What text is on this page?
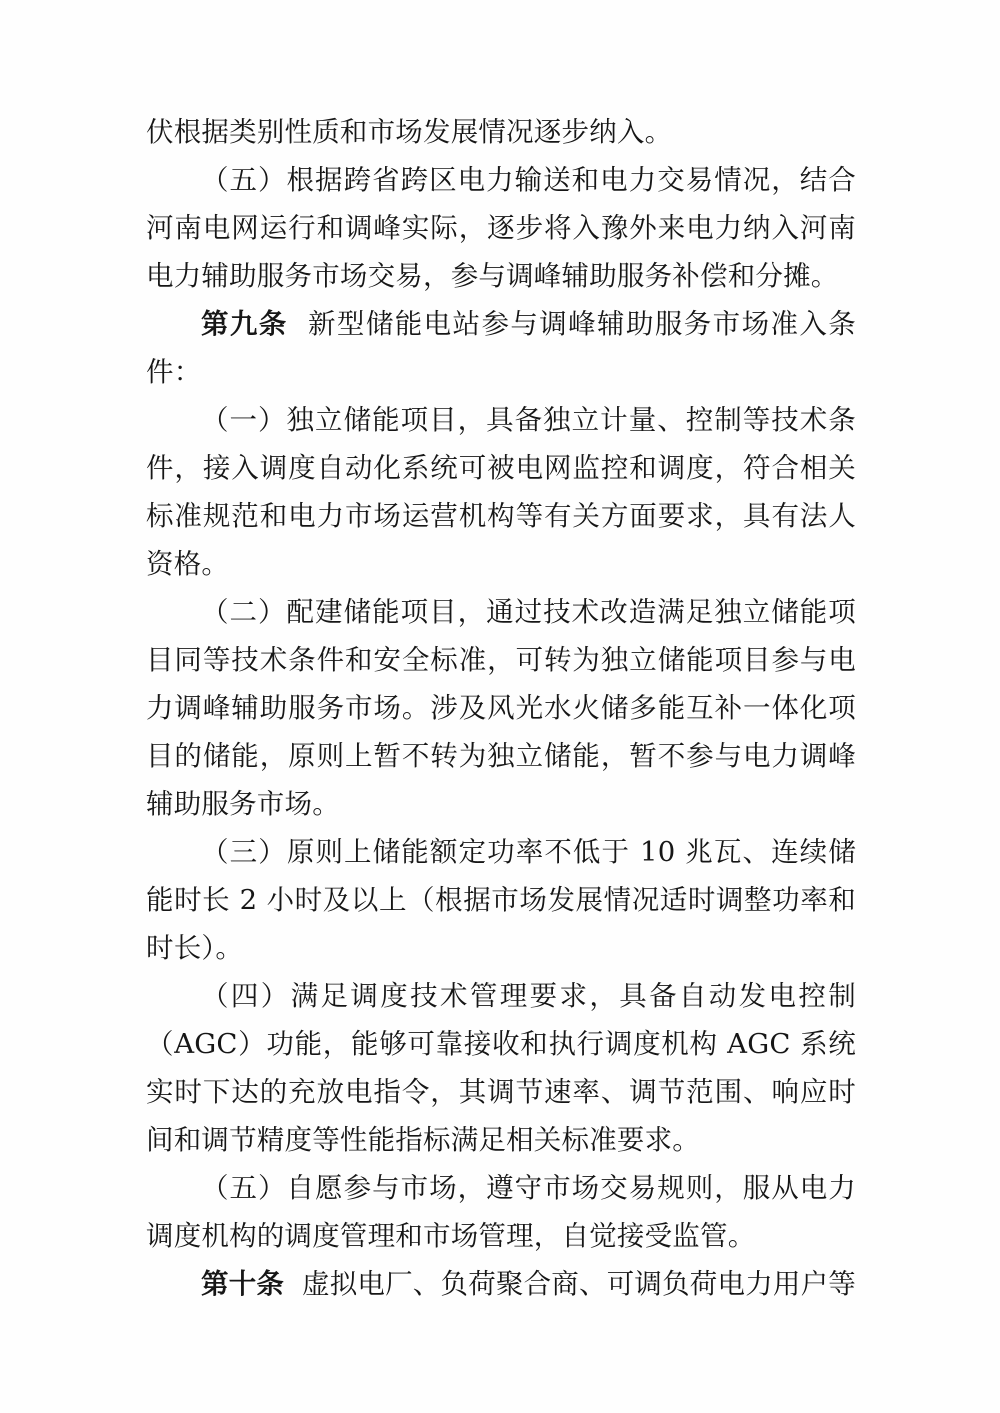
伏根据类别性质和市场发展情况逐步纳入。

（五）根据跨省跨区电力输送和电力交易情况，结合河南电网运行和调峰实际，逐步将入豫外来电力纳入河南电力辅助服务市场交易，参与调峰辅助服务补偿和分摊。

第九条 新型储能电站参与调峰辅助服务市场准入条件：

（一）独立储能项目，具备独立计量、控制等技术条件，接入调度自动化系统可被电网监控和调度，符合相关标准规范和电力市场运营机构等有关方面要求，具有法人资格。

（二）配建储能项目，通过技术改造满足独立储能项目同等技术条件和安全标准，可转为独立储能项目参与电力调峰辅助服务市场。涉及风光水火储多能互补一体化项目的储能，原则上暂不转为独立储能，暂不参与电力调峰辅助服务市场。

（三）原则上储能额定功率不低于 10 兆瓦、连续储能时长 2 小时及以上（根据市场发展情况适时调整功率和时长）。

（四）满足调度技术管理要求，具备自动发电控制（AGC）功能，能够可靠接收和执行调度机构 AGC 系统实时下达的充放电指令，其调节速率、调节范围、响应时间和调节精度等性能指标满足相关标准要求。

（五）自愿参与市场，遵守市场交易规则，服从电力调度机构的调度管理和市场管理，自觉接受监管。

第十条 虚拟电厂、负荷聚合商、可调负荷电力用户等
